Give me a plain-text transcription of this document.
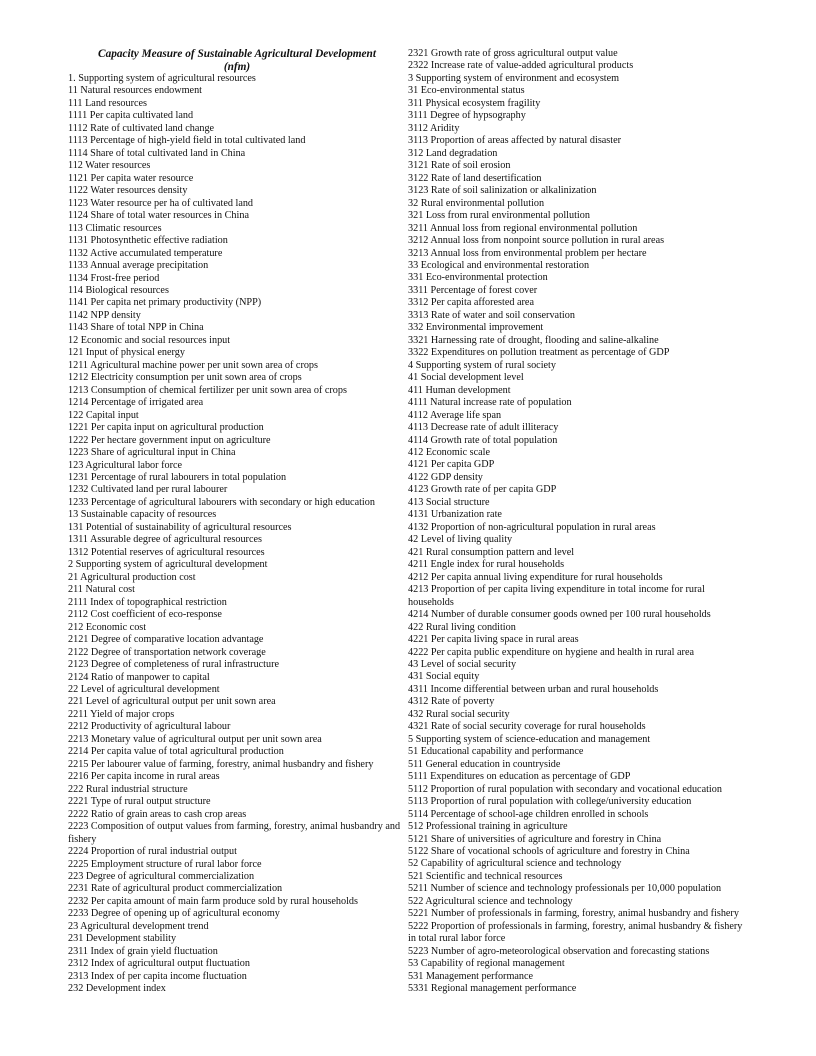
Capacity Measure of Sustainable Agricultural Development
(nfm)
1. Supporting system of agricultural resources
11 Natural resources endowment
111 Land resources
1111 Per capita cultivated land
1112 Rate of cultivated land change
1113 Percentage of high-yield field in total cultivated land
1114 Share of total cultivated land in China
112 Water resources
1121 Per capita water resource
1122 Water resources density
1123 Water resource per ha of cultivated land
1124 Share of total water resources in China
113 Climatic resources
1131 Photosynthetic effective radiation
1132 Active accumulated temperature
1133 Annual average precipitation
1134 Frost-free period
114 Biological resources
1141 Per capita net primary productivity (NPP)
1142 NPP density
1143 Share of total NPP in China
12 Economic and social resources input
121 Input of physical energy
1211 Agricultural machine power per unit sown area of crops
1212 Electricity consumption per unit sown area of crops
1213 Consumption of chemical fertilizer per unit sown area of crops
1214 Percentage of irrigated area
122 Capital input
1221 Per capita input on agricultural production
1222 Per hectare government input on agriculture
1223 Share of agricultural input in China
123 Agricultural labor force
1231 Percentage of rural labourers in total population
1232 Cultivated land per rural labourer
1233 Percentage of agricultural labourers with secondary or high education
13 Sustainable capacity of resources
131 Potential of sustainability of agricultural resources
1311 Assurable degree of agricultural resources
1312 Potential reserves of agricultural resources
2 Supporting system of agricultural development
21 Agricultural production cost
211 Natural cost
2111 Index of topographical restriction
2112 Cost coefficient of eco-response
212 Economic cost
2121 Degree of comparative location advantage
2122 Degree of transportation network coverage
2123 Degree of completeness of rural infrastructure
2124 Ratio of manpower to capital
22 Level of agricultural development
221 Level of agricultural output per unit sown area
2211 Yield of major crops
2212 Productivity of agricultural labour
2213 Monetary value of agricultural output per unit sown area
2214 Per capita value of total agricultural production
2215 Per labourer value of farming, forestry, animal husbandry and fishery
2216 Per capita income in rural areas
222 Rural industrial structure
2221 Type of rural output structure
2222 Ratio of grain areas to cash crop areas
2223 Composition of output values from farming, forestry, animal husbandry and fishery
2224 Proportion of rural industrial output
2225 Employment structure of rural labor force
223 Degree of agricultural commercialization
2231 Rate of agricultural product commercialization
2232 Per capita amount of main farm produce sold by rural households
2233 Degree of opening up of agricultural economy
23 Agricultural development trend
231 Development stability
2311 Index of grain yield fluctuation
2312 Index of agricultural output fluctuation
2313 Index of per capita income fluctuation
232 Development index
2321 Growth rate of gross agricultural output value
2322 Increase rate of value-added agricultural products
3 Supporting system of environment and ecosystem
31 Eco-environmental status
311 Physical ecosystem fragility
3111 Degree of hypsography
3112 Aridity
3113 Proportion of areas affected by natural disaster
312 Land degradation
3121 Rate of soil erosion
3122 Rate of land desertification
3123 Rate of soil salinization or alkalinization
32 Rural environmental pollution
321 Loss from rural environmental pollution
3211 Annual loss from regional environmental pollution
3212 Annual loss from nonpoint source pollution in rural areas
3213 Annual loss from environmental problem per hectare
33 Ecological and environmental restoration
331 Eco-environmental protection
3311 Percentage of forest cover
3312 Per capita afforested area
3313 Rate of water and soil conservation
332 Environmental improvement
3321 Harnessing rate of drought, flooding and saline-alkaline
3322 Expenditures on pollution treatment as percentage of GDP
4 Supporting system of rural society
41 Social development level
411 Human development
4111 Natural increase rate of population
4112 Average life span
4113 Decrease rate of adult illiteracy
4114 Growth rate of total population
412 Economic scale
4121 Per capita GDP
4122 GDP density
4123 Growth rate of per capita GDP
413 Social structure
4131 Urbanization rate
4132 Proportion of non-agricultural population in rural areas
42 Level of living quality
421 Rural consumption pattern and level
4211 Engle index for rural households
4212 Per capita annual living expenditure for rural households
4213 Proportion of per capita living expenditure in total income for rural households
4214 Number of durable consumer goods owned per 100 rural households
422 Rural living condition
4221 Per capita living space in rural areas
4222 Per capita public expenditure on hygiene and health in rural area
43 Level of social security
431 Social equity
4311 Income differential between urban and rural households
4312 Rate of poverty
432 Rural social security
4321 Rate of social security coverage for rural households
5 Supporting system of science-education and management
51 Educational capability and performance
511 General education in countryside
5111 Expenditures on education as percentage of GDP
5112 Proportion of rural population with secondary and vocational education
5113 Proportion of rural population with college/university education
5114 Percentage of school-age children enrolled in schools
512 Professional training in agriculture
5121 Share of universities of agriculture and forestry in China
5122 Share of vocational schools of agriculture and forestry in China
52 Capability of agricultural science and technology
521 Scientific and technical resources
5211 Number of science and technology professionals per 10,000 population
522 Agricultural science and technology
5221 Number of professionals in farming, forestry, animal husbandry and fishery
5222 Proportion of professionals in farming, forestry, animal husbandry & fishery in total rural labor force
5223 Number of agro-meteorological observation and forecasting stations
53 Capability of regional management
531 Management performance
5331 Regional management performance
